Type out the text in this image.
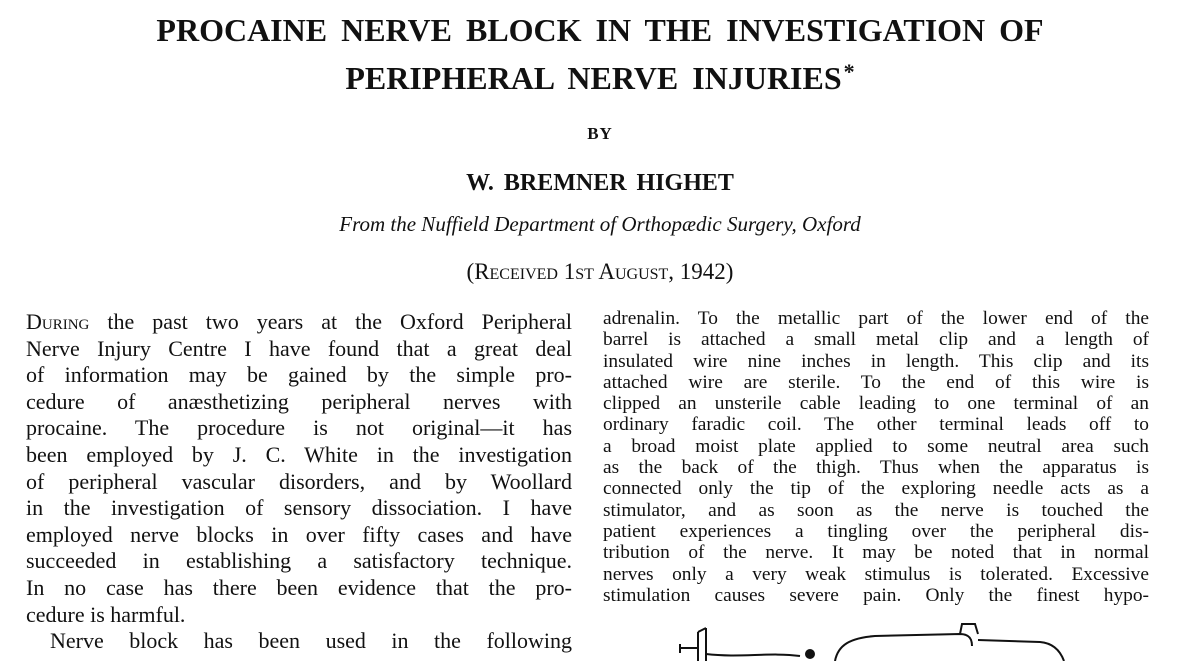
PROCAINE NERVE BLOCK IN THE INVESTIGATION OF
PERIPHERAL NERVE INJURIES*
BY
W. BREMNER HIGHET
From the Nuffield Department of Orthopædic Surgery, Oxford
(Received 1st August, 1942)
During the past two years at the Oxford Peripheral
Nerve Injury Centre I have found that a great deal
of information may be gained by the simple pro-
cedure of anæsthetizing peripheral nerves with
procaine. The procedure is not original—it has
been employed by J. C. White in the investigation
of peripheral vascular disorders, and by Woollard
in the investigation of sensory dissociation. I have
employed nerve blocks in over fifty cases and have
succeeded in establishing a satisfactory technique.
In no case has there been evidence that the pro-
cedure is harmful.
Nerve block has been used in the following
adrenalin. To the metallic part of the lower end of the
barrel is attached a small metal clip and a length of
insulated wire nine inches in length. This clip and its
attached wire are sterile. To the end of this wire is
clipped an unsterile cable leading to one terminal of an
ordinary faradic coil. The other terminal leads off to
a broad moist plate applied to some neutral area such
as the back of the thigh. Thus when the apparatus is
connected only the tip of the exploring needle acts as a
stimulator, and as soon as the nerve is touched the
patient experiences a tingling over the peripheral dis-
tribution of the nerve. It may be noted that in normal
nerves only a very weak stimulus is tolerated. Excessive
stimulation causes severe pain. Only the finest hypo-
